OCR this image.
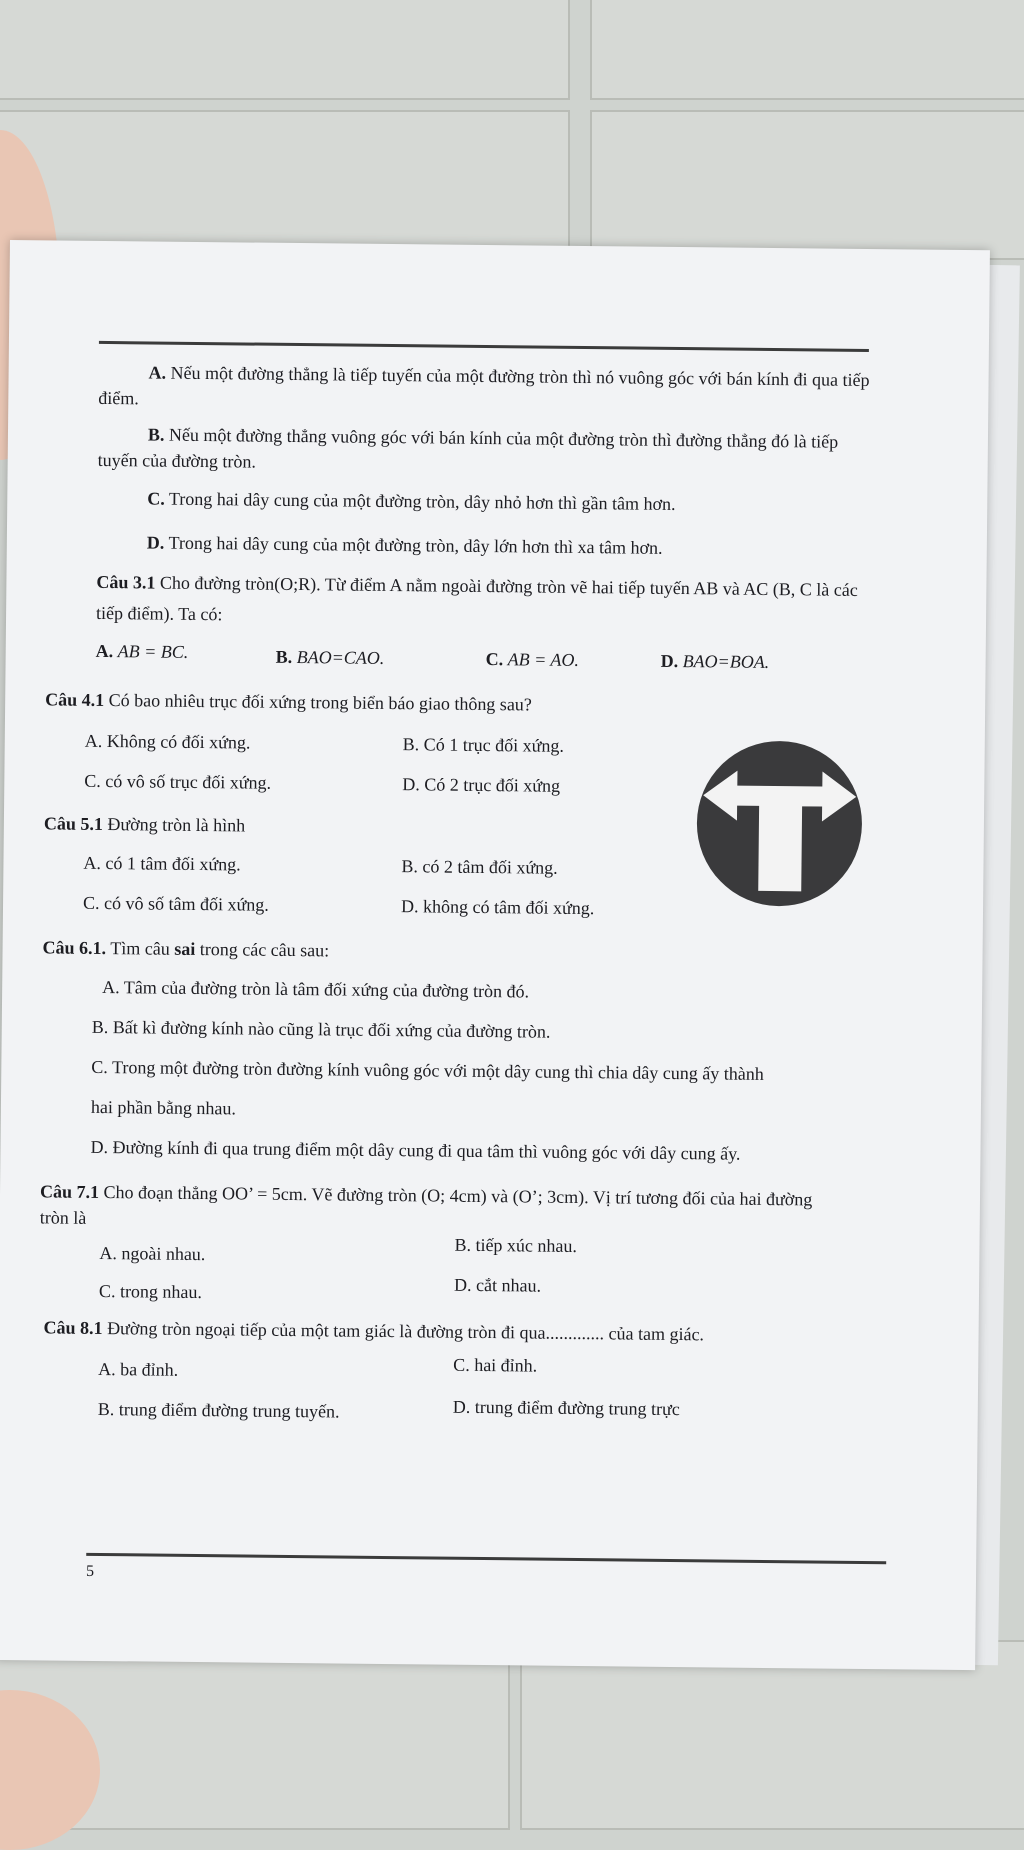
A. Nếu một đường thẳng là tiếp tuyến của một đường tròn thì nó vuông góc với bán kính đi qua tiếp điểm.
B. Nếu một đường thẳng vuông góc với bán kính của một đường tròn thì đường thẳng đó là tiếp tuyến của đường tròn.
C. Trong hai dây cung của một đường tròn, dây nhỏ hơn thì gần tâm hơn.
D. Trong hai dây cung của một đường tròn, dây lớn hơn thì xa tâm hơn.
Câu 3.1 Cho đường tròn(O;R). Từ điểm A nằm ngoài đường tròn vẽ hai tiếp tuyến AB và AC (B, C là các tiếp điểm). Ta có:
A. AB = BC.	B. BAO=CAO.	C. AB = AO.	D. BAO=BOA.
Câu 4.1 Có bao nhiêu trục đối xứng trong biển báo giao thông sau?
A. Không có đối xứng.	B. Có 1 trục đối xứng.
C. có vô số trục đối xứng.	D. Có 2 trục đối xứng
Câu 5.1 Đường tròn là hình
A. có 1 tâm đối xứng.	B. có 2 tâm đối xứng.
C. có vô số tâm đối xứng.	D. không có tâm đối xứng.
Câu 6.1. Tìm câu sai trong các câu sau:
A. Tâm của đường tròn là tâm đối xứng của đường tròn đó.
B. Bất kì đường kính nào cũng là trục đối xứng của đường tròn.
C. Trong một đường tròn đường kính vuông góc với một dây cung thì chia dây cung ấy thành
hai phần bằng nhau.
D. Đường kính đi qua trung điểm một dây cung đi qua tâm thì vuông góc với dây cung ấy.
Câu 7.1 Cho đoạn thẳng OO’ = 5cm. Vẽ đường tròn (O; 4cm) và (O’; 3cm). Vị trí tương đối của hai đường tròn là
A. ngoài nhau.	B. tiếp xúc nhau.
C. trong nhau.	D. cắt nhau.
Câu 8.1 Đường tròn ngoại tiếp của một tam giác là đường tròn đi qua............. của tam giác.
A. ba đỉnh.	C. hai đỉnh.
B. trung điểm đường trung tuyến.	D. trung điểm đường trung trực
5
